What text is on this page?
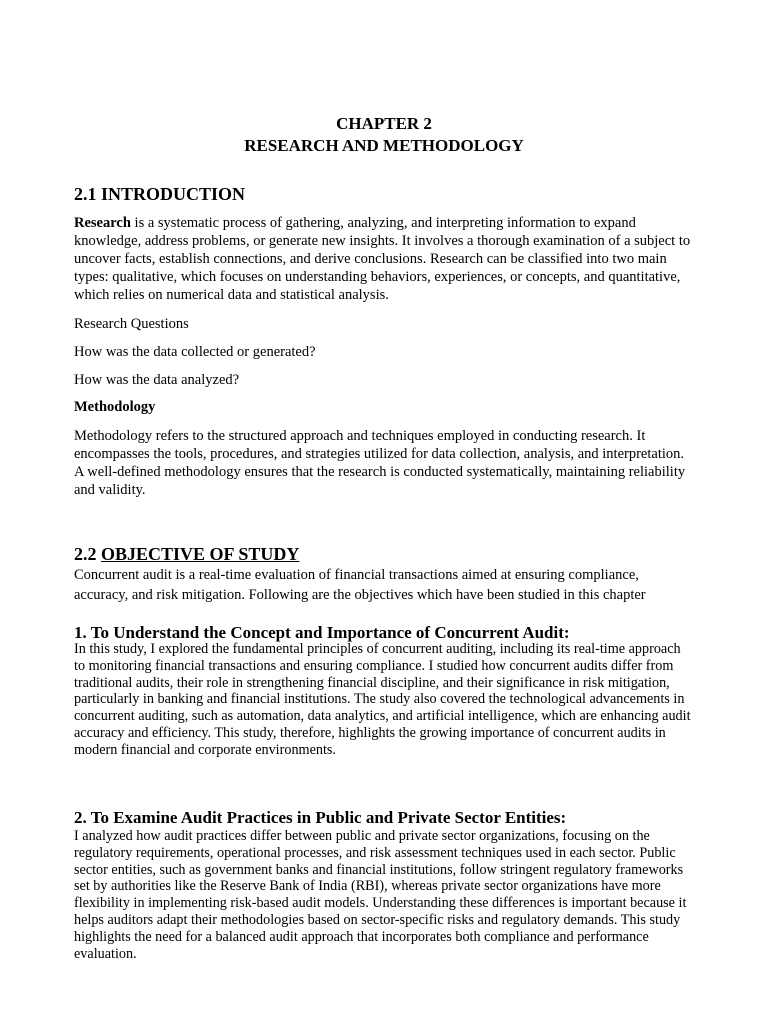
CHAPTER 2
RESEARCH AND METHODOLOGY
2.1 INTRODUCTION

Research is a systematic process of gathering, analyzing, and interpreting information to expand knowledge, address problems, or generate new insights. It involves a thorough examination of a subject to uncover facts, establish connections, and derive conclusions. Research can be classified into two main types: qualitative, which focuses on understanding behaviors, experiences, or concepts, and quantitative, which relies on numerical data and statistical analysis.

Research Questions

How was the data collected or generated?

How was the data analyzed?

Methodology

Methodology refers to the structured approach and techniques employed in conducting research. It encompasses the tools, procedures, and strategies utilized for data collection, analysis, and interpretation. A well-defined methodology ensures that the research is conducted systematically, maintaining reliability and validity.

2.2 OBJECTIVE OF STUDY

Concurrent audit is a real-time evaluation of financial transactions aimed at ensuring compliance, accuracy, and risk mitigation. Following are the objectives which have been studied in this chapter

1. To Understand the Concept and Importance of Concurrent Audit:

In this study, I explored the fundamental principles of concurrent auditing, including its real-time approach to monitoring financial transactions and ensuring compliance. I studied how concurrent audits differ from traditional audits, their role in strengthening financial discipline, and their significance in risk mitigation, particularly in banking and financial institutions. The study also covered the technological advancements in concurrent auditing, such as automation, data analytics, and artificial intelligence, which are enhancing audit accuracy and efficiency. This study, therefore, highlights the growing importance of concurrent audits in modern financial and corporate environments.

2. To Examine Audit Practices in Public and Private Sector Entities:

I analyzed how audit practices differ between public and private sector organizations, focusing on the regulatory requirements, operational processes, and risk assessment techniques used in each sector. Public sector entities, such as government banks and financial institutions, follow stringent regulatory frameworks set by authorities like the Reserve Bank of India (RBI), whereas private sector organizations have more flexibility in implementing risk-based audit models. Understanding these differences is important because it helps auditors adapt their methodologies based on sector-specific risks and regulatory demands. This study highlights the need for a balanced audit approach that incorporates both compliance and performance evaluation.
